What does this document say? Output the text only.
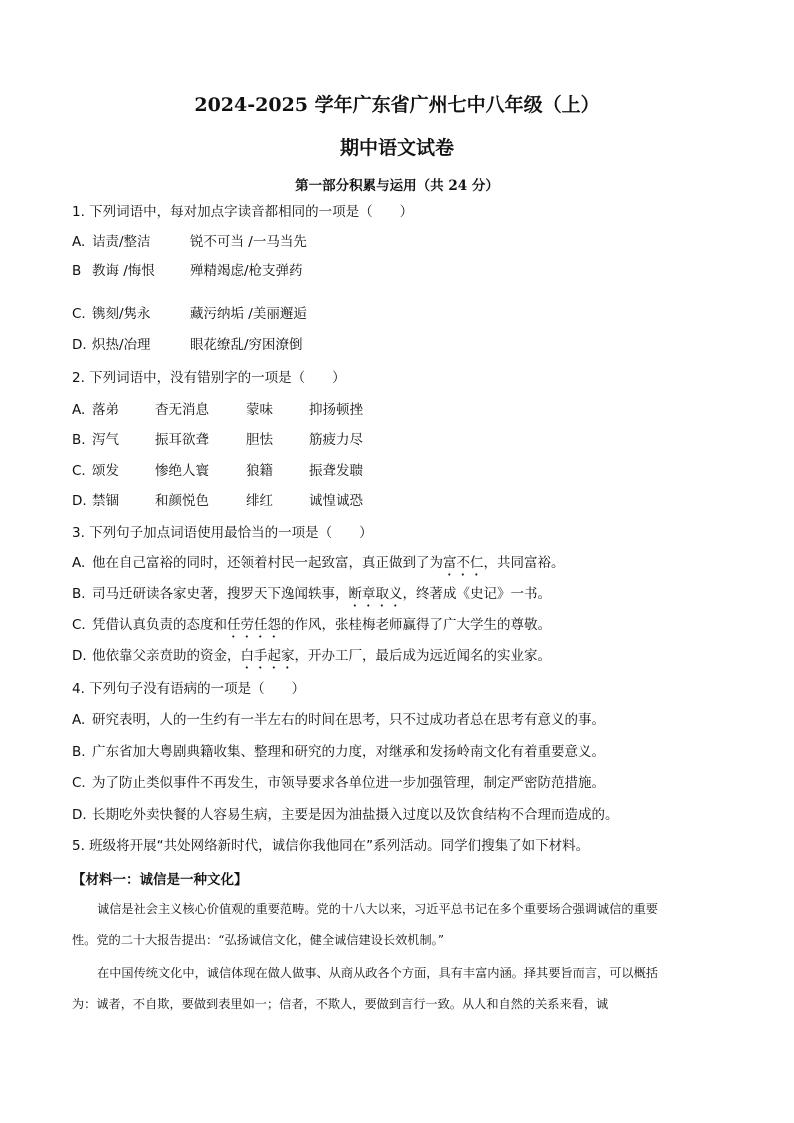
2024-2025 学年广东省广州七中八年级（上）
期中语文试卷
第一部分积累与运用（共 24 分）
1. 下列词语中，每对加点字读音都相同的一项是（　　）
A. 诘责/整洁	锐不可当 /一马当先
B 教诲 /悔恨	殚精竭虑/枪支弹药
C. 镌刻/隽永	藏污纳垢 /美丽邂逅
D. 炽热/冶理	眼花缭乱/穷困潦倒
2. 下列词语中，没有错别字的一项是（　　）
A. 落弟	杳无消息	蒙味	抑扬顿挫
B. 泻气	振耳欲聋	胆怯	筋疲力尽
C. 颂发	惨绝人寰	狼籍	振聋发聩
D. 禁锢	和颜悦色	绯红	诚惶诚恐
3. 下列句子加点词语使用最恰当的一项是（　　）
A. 他在自己富裕的同时，还领着村民一起致富，真正做到了为富不仁，共同富裕。
B. 司马迁研读各家史著，搜罗天下逸闻轶事，断章取义，终著成《史记》一书。
C. 凭借认真负责的态度和任劳任怨的作风，张桂梅老师赢得了广大学生的尊敬。
D. 他依靠父亲贲助的资金，白手起家，开办工厂，最后成为远近闻名的实业家。
4. 下列句子没有语病的一项是（　　）
A. 研究表明，人的一生约有一半左右的时间在思考，只不过成功者总在思考有意义的事。
B. 广东省加大粤剧典籍收集、整理和研究的力度，对继承和发扬岭南文化有着重要意义。
C. 为了防止类似事件不再发生，市领导要求各单位进一步加强管理，制定严密防范措施。
D. 长期吃外卖快餐的人容易生病，主要是因为油盐摄入过度以及饮食结构不合理而造成的。
5. 班级将开展“共处网络新时代，诚信你我他同在”系列活动。同学们搜集了如下材料。
【材料一：诚信是一种文化】
诚信是社会主义核心价值观的重要范畴。党的十八大以来，习近平总书记在多个重要场合强调诚信的重要性。党的二十大报告提出：“弘扬诚信文化，健全诚信建设长效机制。”
在中国传统文化中，诚信体现在做人做事、从商从政各个方面，具有丰富内涵。择其要旨而言，可以概括为：诚者，不自欺，要做到表里如一；信者，不欺人，要做到言行一致。从人和自然的关系来看，诚
